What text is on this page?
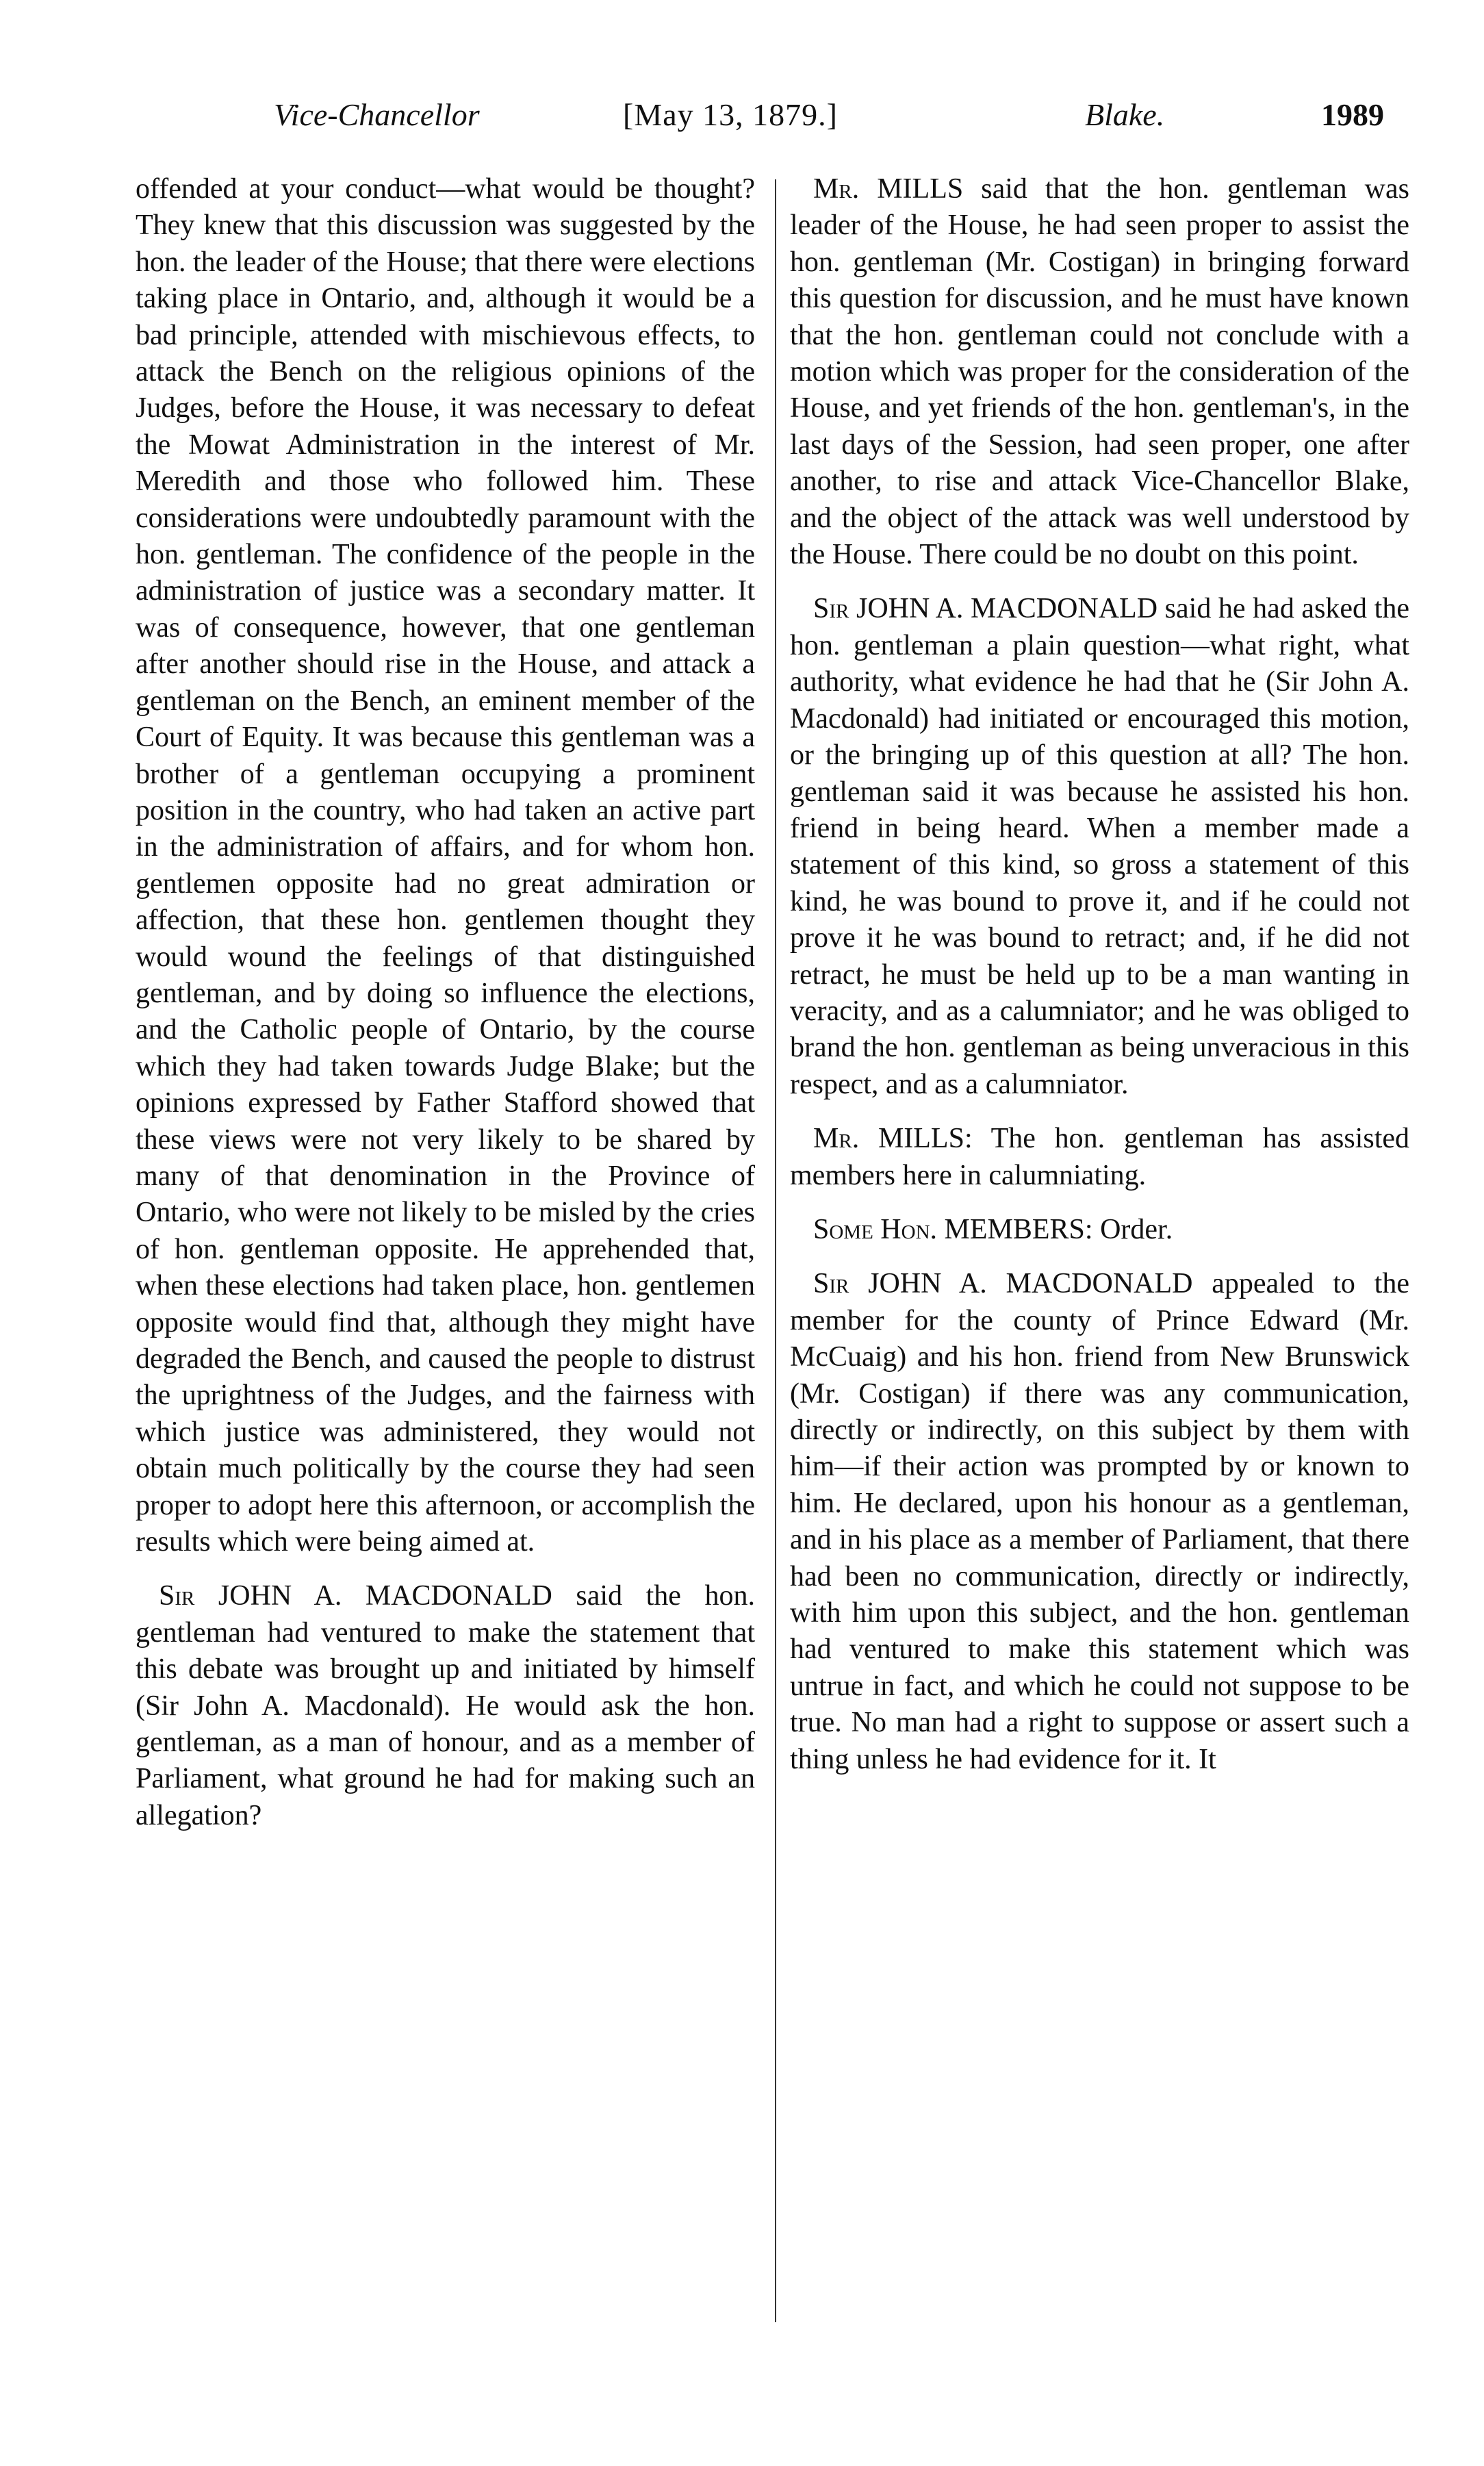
Vice-Chancellor	[May 13, 1879.]	Blake.	1989

offended at your conduct—what would be thought? They knew that this discussion was suggested by the hon. the leader of the House; that there were elections taking place in Ontario, and, although it would be a bad principle, attended with mischievous effects, to attack the Bench on the religious opinions of the Judges, before the House, it was necessary to defeat the Mowat Administration in the interest of Mr. Meredith and those who followed him. These considerations were undoubtedly paramount with the hon. gentleman. The confidence of the people in the administration of justice was a secondary matter. It was of consequence, however, that one gentleman after another should rise in the House, and attack a gentleman on the Bench, an eminent member of the Court of Equity. It was because this gentleman was a brother of a gentleman occupying a prominent position in the country, who had taken an active part in the administration of affairs, and for whom hon. gentlemen opposite had no great admiration or affection, that these hon. gentlemen thought they would wound the feelings of that distinguished gentleman, and by doing so influence the elections, and the Catholic people of Ontario, by the course which they had taken towards Judge Blake; but the opinions expressed by Father Stafford showed that these views were not very likely to be shared by many of that denomination in the Province of Ontario, who were not likely to be misled by the cries of hon. gentleman opposite. He apprehended that, when these elections had taken place, hon. gentlemen opposite would find that, although they might have degraded the Bench, and caused the people to distrust the uprightness of the Judges, and the fairness with which justice was administered, they would not obtain much politically by the course they had seen proper to adopt here this afternoon, or accomplish the results which were being aimed at.

Sir JOHN A. MACDONALD said the hon. gentleman had ventured to make the statement that this debate was brought up and initiated by himself (Sir John A. Macdonald). He would ask the hon. gentleman, as a man of honour, and as a member of Parliament, what ground he had for making such an allegation?

Mr. MILLS said that the hon. gentleman was leader of the House, he had seen proper to assist the hon. gentleman (Mr. Costigan) in bringing forward this question for discussion, and he must have known that the hon. gentleman could not conclude with a motion which was proper for the consideration of the House, and yet friends of the hon. gentleman's, in the last days of the Session, had seen proper, one after another, to rise and attack Vice-Chancellor Blake, and the object of the attack was well understood by the House. There could be no doubt on this point.

Sir JOHN A. MACDONALD said he had asked the hon. gentleman a plain question—what right, what authority, what evidence he had that he (Sir John A. Macdonald) had initiated or encouraged this motion, or the bringing up of this question at all? The hon. gentleman said it was because he assisted his hon. friend in being heard. When a member made a statement of this kind, so gross a statement of this kind, he was bound to prove it, and if he could not prove it he was bound to retract; and, if he did not retract, he must be held up to be a man wanting in veracity, and as a calumniator; and he was obliged to brand the hon. gentleman as being unveracious in this respect, and as a calumniator.

Mr. MILLS: The hon. gentleman has assisted members here in calumniating.

Some Hon. MEMBERS: Order.

Sir JOHN A. MACDONALD appealed to the member for the county of Prince Edward (Mr. McCuaig) and his hon. friend from New Brunswick (Mr. Costigan) if there was any communication, directly or indirectly, on this subject by them with him—if their action was prompted by or known to him. He declared, upon his honour as a gentleman, and in his place as a member of Parliament, that there had been no communication, directly or indirectly, with him upon this subject, and the hon. gentleman had ventured to make this statement which was untrue in fact, and which he could not suppose to be true. No man had a right to suppose or assert such a thing unless he had evidence for it. It
